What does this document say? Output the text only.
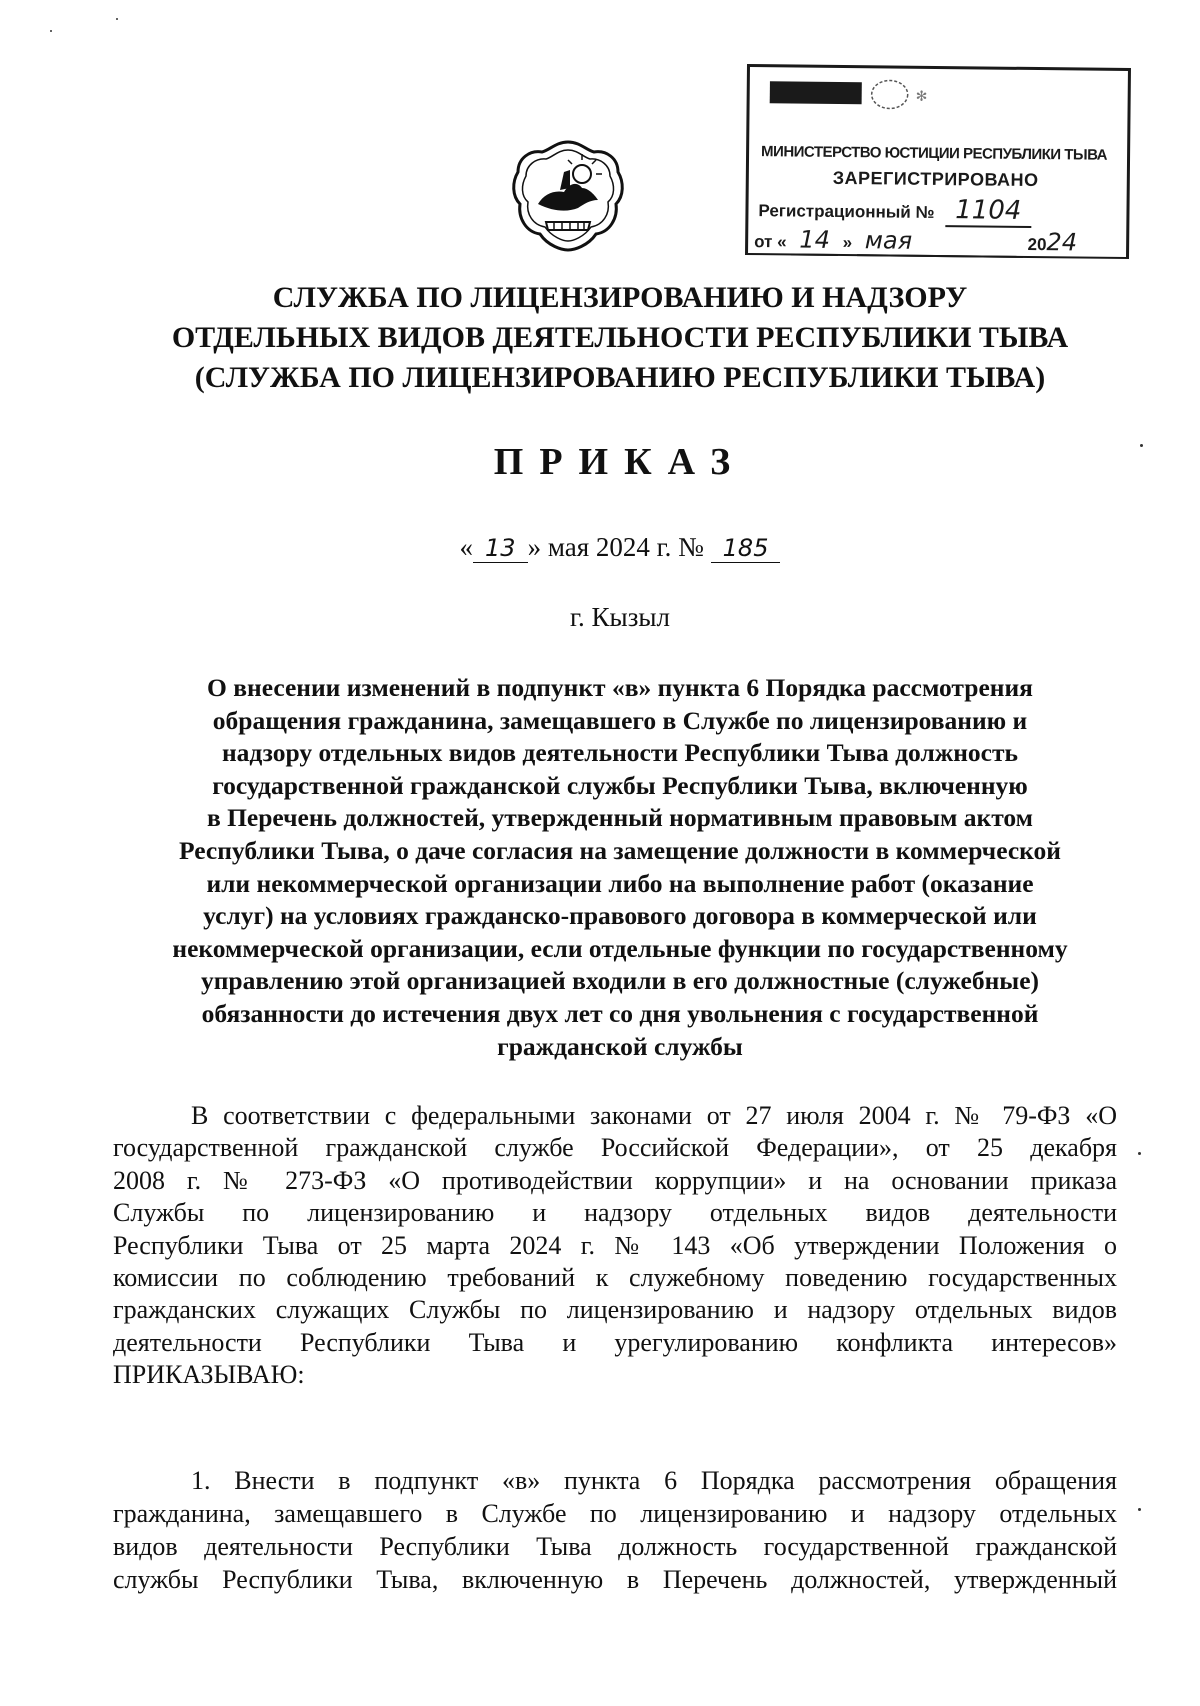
✻
МИНИСТЕРСТВО ЮСТИЦИИ РЕСПУБЛИКИ ТЫВА
ЗАРЕГИСТРИРОВАНО
Регистрационный № 1104
от « 14 » мая	2024
СЛУЖБА ПО ЛИЦЕНЗИРОВАНИЮ И НАДЗОРУ
ОТДЕЛЬНЫХ ВИДОВ ДЕЯТЕЛЬНОСТИ РЕСПУБЛИКИ ТЫВА
(СЛУЖБА ПО ЛИЦЕНЗИРОВАНИЮ РЕСПУБЛИКИ ТЫВА)
ПРИКАЗ
« 13 » мая 2024 г. № 185
г. Кызыл
О внесении изменений в подпункт «в» пункта 6 Порядка рассмотрения
обращения гражданина, замещавшего в Службе по лицензированию и
надзору отдельных видов деятельности Республики Тыва должность
государственной гражданской службы Республики Тыва, включенную
в Перечень должностей, утвержденный нормативным правовым актом
Республики Тыва, о даче согласия на замещение должности в коммерческой
или некоммерческой организации либо на выполнение работ (оказание
услуг) на условиях гражданско-правового договора в коммерческой или
некоммерческой организации, если отдельные функции по государственному
управлению этой организацией входили в его должностные (служебные)
обязанности до истечения двух лет со дня увольнения с государственной
гражданской службы
В соответствии с федеральными законами от 27 июля 2004 г. № 79-ФЗ «О
государственной гражданской службе Российской Федерации», от 25 декабря
2008 г. № 273-ФЗ «О противодействии коррупции» и на основании приказа
Службы по лицензированию и надзору отдельных видов деятельности
Республики Тыва от 25 марта 2024 г. № 143 «Об утверждении Положения о
комиссии по соблюдению требований к служебному поведению государственных
гражданских служащих Службы по лицензированию и надзору отдельных видов
деятельности Республики Тыва и урегулированию конфликта интересов»
ПРИКАЗЫВАЮ:
1. Внести в подпункт «в» пункта 6 Порядка рассмотрения обращения
гражданина, замещавшего в Службе по лицензированию и надзору отдельных
видов деятельности Республики Тыва должность государственной гражданской
службы Республики Тыва, включенную в Перечень должностей, утвержденный
